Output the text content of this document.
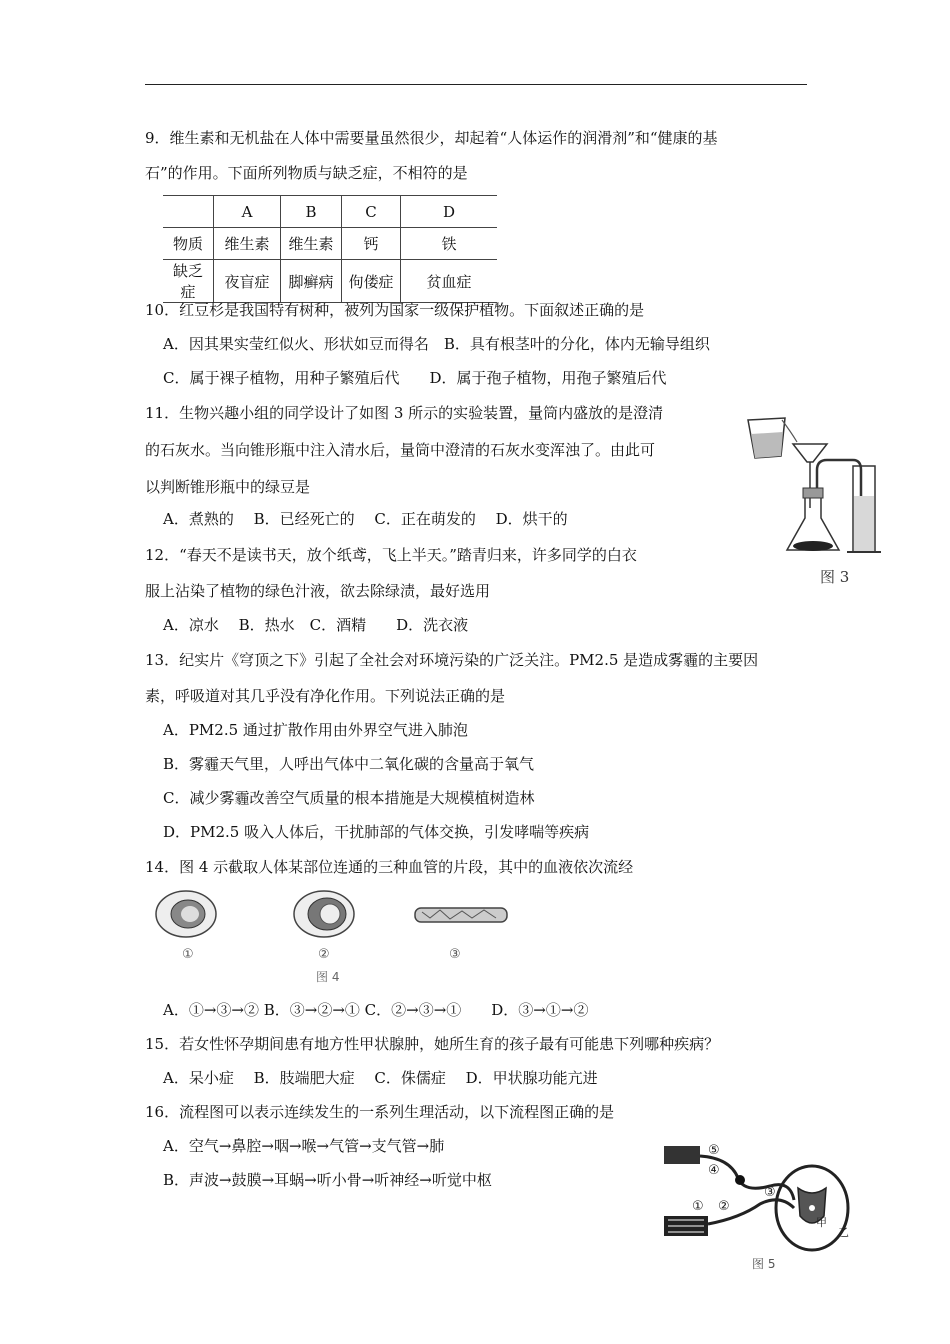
9．维生素和无机盐在人体中需要量虽然很少，却起着“人体运作的润滑剂”和“健康的基
石”的作用。下面所列物质与缺乏症，不相符的是
	A	B	C	D
物质	维生素	维生素	钙	铁
缺乏症	夜盲症	脚癣病	佝偻症	贫血症
10．红豆杉是我国特有树种，被列为国家一级保护植物。下面叙述正确的是
A．因其果实莹红似火、形状如豆而得名　B．具有根茎叶的分化，体内无输导组织
C．属于裸子植物，用种子繁殖后代　　D．属于孢子植物，用孢子繁殖后代
11．生物兴趣小组的同学设计了如图 3 所示的实验装置，量筒内盛放的是澄清
的石灰水。当向锥形瓶中注入清水后，量筒中澄清的石灰水变浑浊了。由此可
以判断锥形瓶中的绿豆是
A．煮熟的　 B．已经死亡的　 C．正在萌发的　 D．烘干的
图 3
12．“春天不是读书天，放个纸鸢，飞上半天。”踏青归来，许多同学的白衣
服上沾染了植物的绿色汁液，欲去除绿渍，最好选用
A．凉水　 B．热水　C．酒精　　D．洗衣液
13．纪实片《穹顶之下》引起了全社会对环境污染的广泛关注。PM2.5 是造成雾霾的主要因
素，呼吸道对其几乎没有净化作用。下列说法正确的是
A．PM2.5 通过扩散作用由外界空气进入肺泡
B．雾霾天气里，人呼出气体中二氧化碳的含量高于氧气
C．减少雾霾改善空气质量的根本措施是大规模植树造林
D．PM2.5 吸入人体后，干扰肺部的气体交换，引发哮喘等疾病
14．图 4 示截取人体某部位连通的三种血管的片段，其中的血液依次流经
①	②	③
图 4
A．①→③→② B．③→②→① C．②→③→①　　D．③→①→②
15．若女性怀孕期间患有地方性甲状腺肿，她所生育的孩子最有可能患下列哪种疾病？
A．呆小症　 B．肢端肥大症　 C．侏儒症　 D．甲状腺功能亢进
16．流程图可以表示连续发生的一系列生理活动，以下流程图正确的是
A．空气→鼻腔→咽→喉→气管→支气管→肺
B．声波→鼓膜→耳蜗→听小骨→听神经→听觉中枢
⑤
④
① ②
③
甲
乙
图 5
